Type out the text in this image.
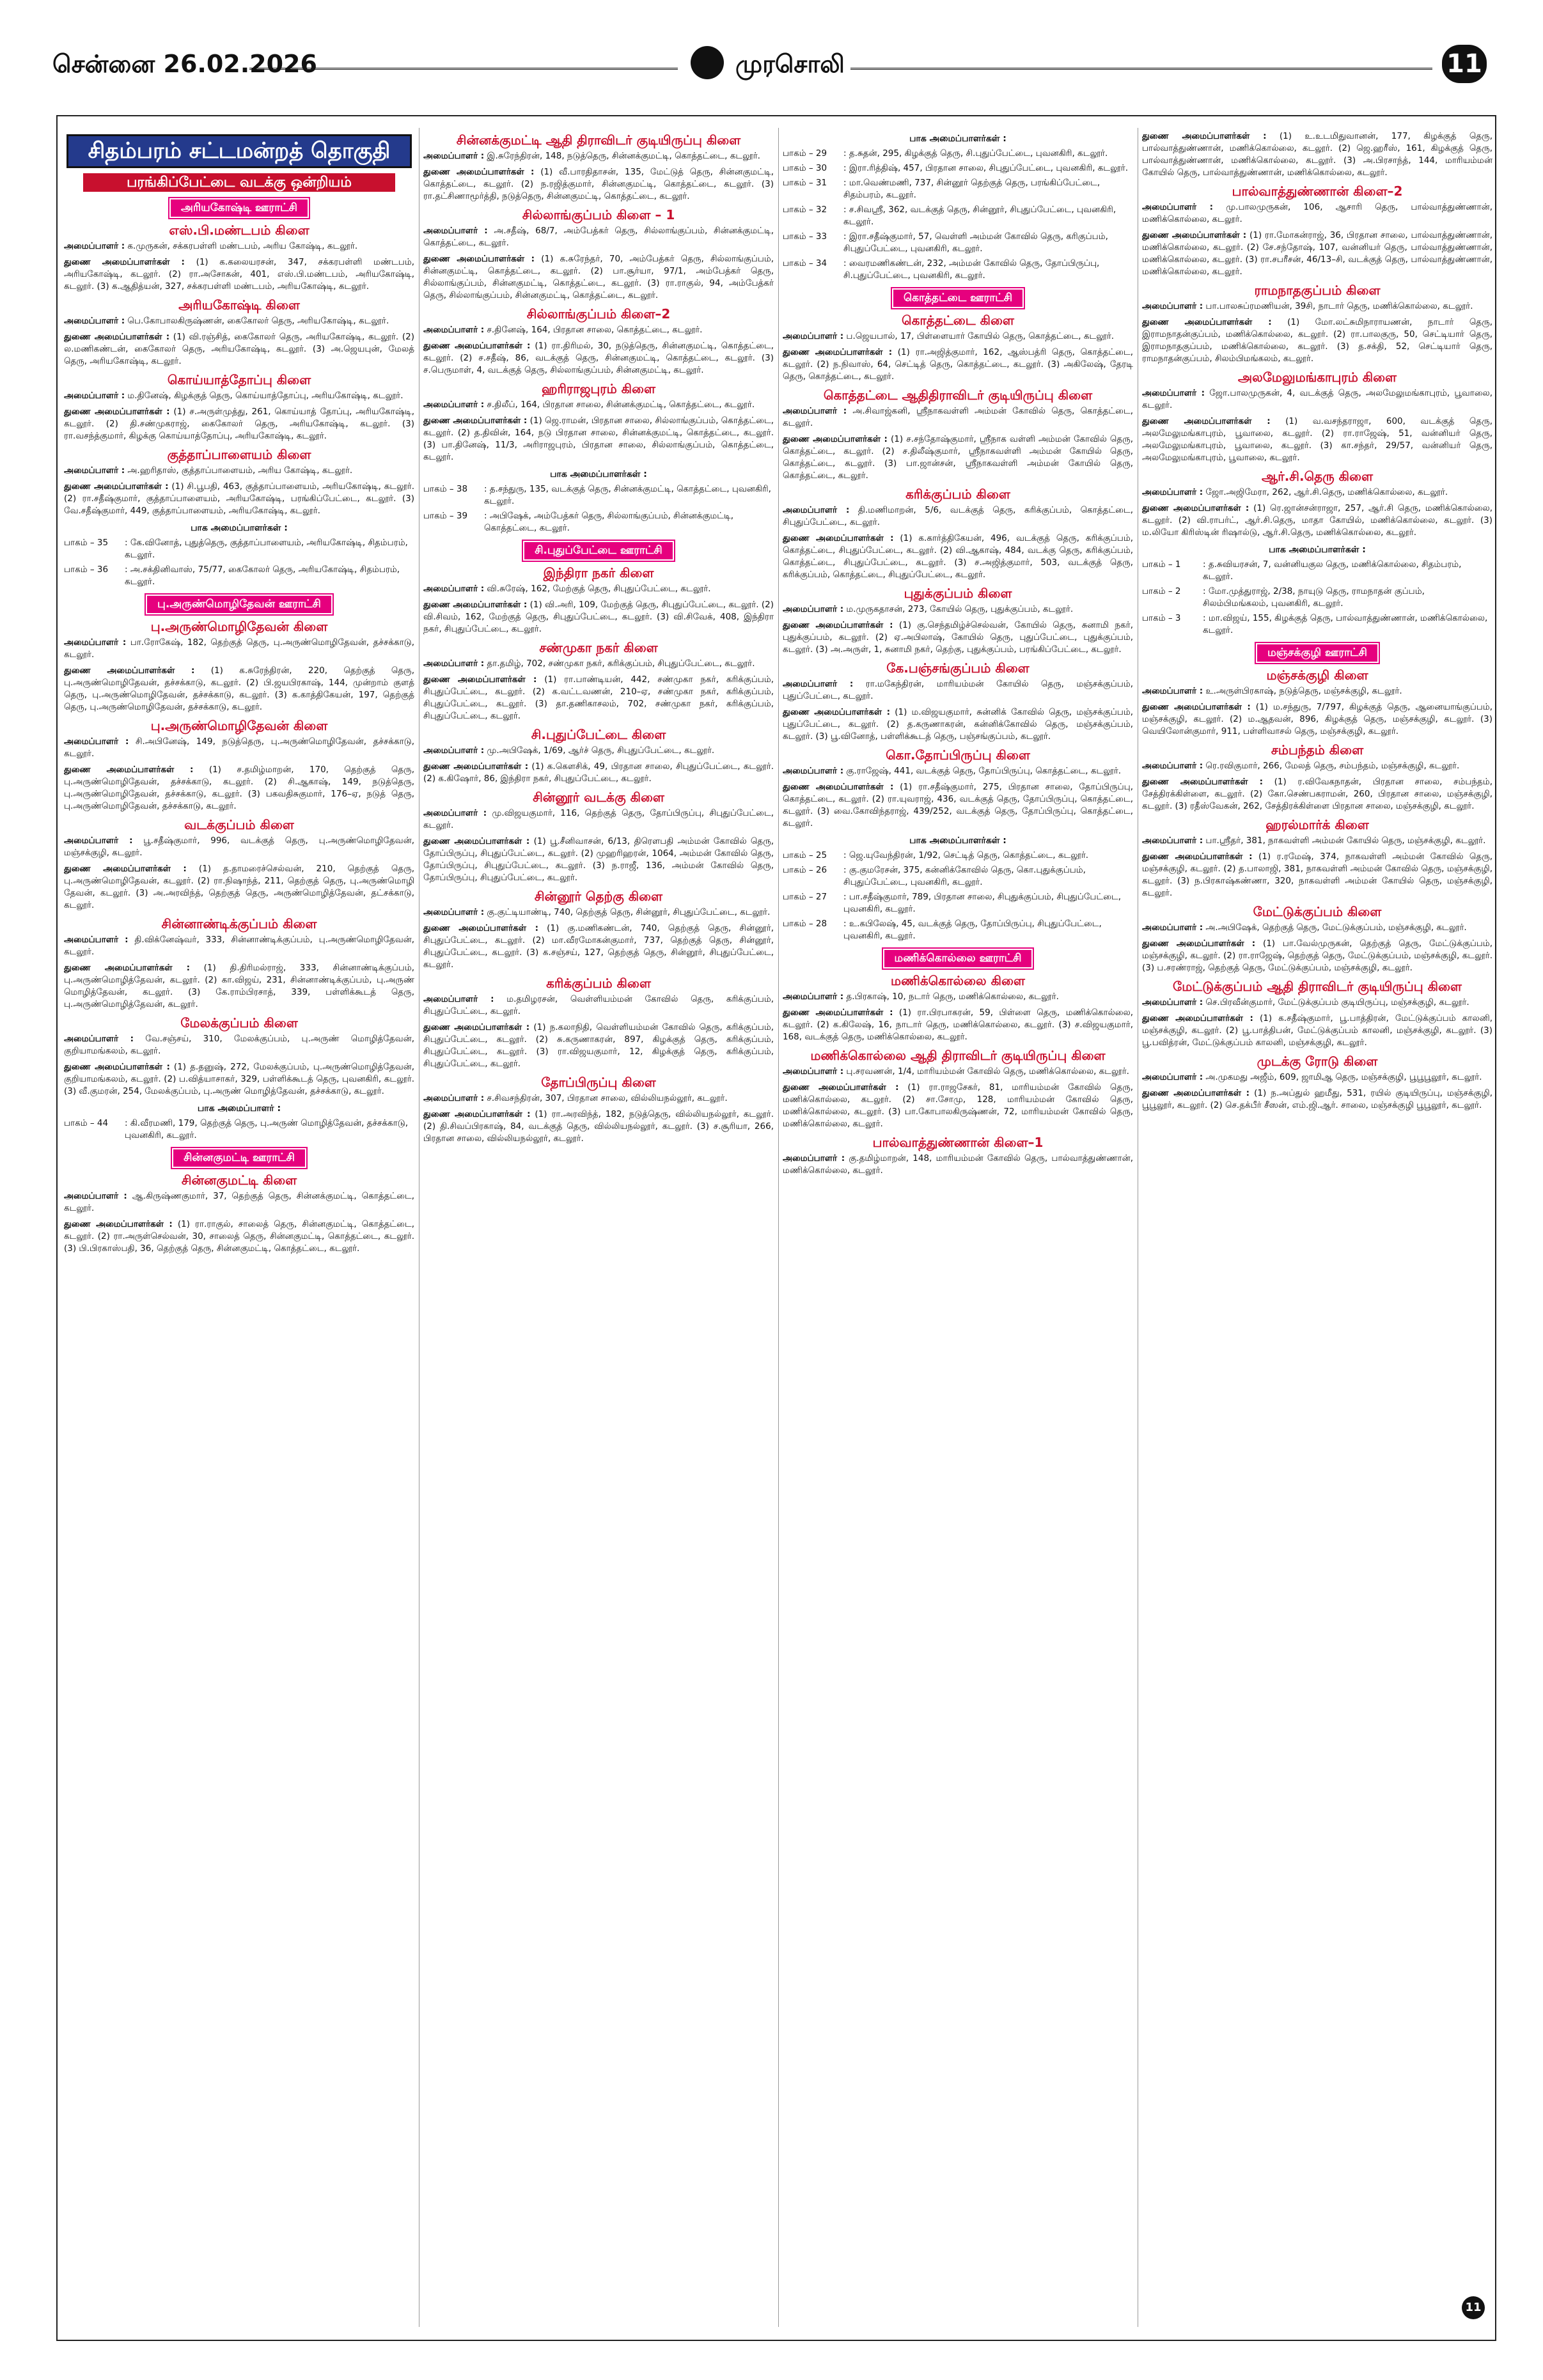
சென்னை 26.02.2026	முரசொலி	11
சிதம்பரம் சட்டமன்றத் தொகுதி
பரங்கிப்பேட்டை வடக்கு ஒன்றியம்
அரியகோஷ்டி ஊராட்சி
எஸ்.பி.மண்டபம் கிளை
அமைப்பாளர் : க.முருகன், சக்கரபள்ளி மண்டபம், அரிய கோஷ்டி, கடலூர்.
துணை அமைப்பாளர்கள் : (1) க.கலையரசன், 347, சக்கரபள்ளி மண்டபம், அரியகோஷ்டி, கடலூர். (2) ரா.அசோகன், 401, எஸ்.பி.மண்டபம், அரியகோஷ்டி, கடலூர். (3) க.ஆதித்யன், 327, சக்கரபள்ளி மண்டபம், அரியகோஷ்டி, கடலூர்.
அரியகோஷ்டி கிளை
அமைப்பாளர் : பெ.கோபாலகிருஷ்ணன், கைகோலர் தெரு, அரியகோஷ்டி, கடலூர்.
துணை அமைப்பாளர்கள் : (1) வி.ரஞ்சித், கைகோலர் தெரு, அரியகோஷ்டி, கடலூர். (2) ல.மணிகண்டன், கைகோலர் தெரு, அரியகோஷ்டி, கடலூர். (3) அ.ஜெயபுன், மேலத் தெரு, அரியகோஷ்டி, கடலூர்.
கொய்யாத்தோப்பு கிளை
அமைப்பாளர் : ம.தினேஷ், கிழக்குத் தெரு, கொய்யாத்தோப்பு, அரியகோஷ்டி, கடலூர்.
துணை அமைப்பாளர்கள் : (1) ச.அருள்முத்து, 261, கொய்யாத் தோப்பு, அரியகோஷ்டி, கடலூர். (2) தி.சண்முகராஜ், கைகோலர் தெரு, அரியகோஷ்டி, கடலூர். (3) ரா.வசந்த்குமார், கிழக்கு கொய்யாத்தோப்பு, அரியகோஷ்டி, கடலூர்.
குத்தாப்பாளையம் கிளை
அமைப்பாளர் : அ.ஹரிதாஸ், குத்தாப்பாளையம், அரிய கோஷ்டி, கடலூர்.
துணை அமைப்பாளர்கள் : (1) சி.பூபதி, 463, குத்தாப்பாளையம், அரியகோஷ்டி, கடலூர். (2) ரா.சதீஷ்குமார், குத்தாப்பாளையம், அரியகோஷ்டி, பரங்கிப்பேட்டை, கடலூர். (3) வே.சதீஷ்குமார், 449, குத்தாப்பாளையம், அரியகோஷ்டி, கடலூர்.
பாக அமைப்பாளர்கள் :
பாகம் – 35	: கே.வினோத், புதுத்தெரு, குத்தாப்பாளையம், அரியகோஷ்டி, சிதம்பரம், கடலூர்.
பாகம் – 36	: அ.சக்தினிவாஸ், 75/77, கைகோலர் தெரு, அரியகோஷ்டி, சிதம்பரம், கடலூர்.
பு.அருண்மொழிதேவன் ஊராட்சி
பு.அருண்மொழிதேவன் கிளை
அமைப்பாளர் : பா.ரோகேஷ், 182, தெற்குத் தெரு, பு.அருண்மொழிதேவன், தச்சக்காடு, கடலூர்.
துணை அமைப்பாளர்கள் : (1) க.சுரேந்திரன், 220, தெற்குத் தெரு, பு.அருண்மொழிதேவன், தச்சக்காடு, கடலூர். (2) பி.ஜயபிரகாஷ், 144, முன்றாம் குளத் தெரு, பு.அருண்மொழிதேவன், தச்சக்காடு, கடலூர். (3) க.காத்திகேயன், 197, தெற்குத் தெரு, பு.அருண்மொழிதேவன், தச்சக்காடு, கடலூர்.
பு.அருண்மொழிதேவன் கிளை
அமைப்பாளர் : சி.அபினேஷ், 149, நடுத்தெரு, பு.அருண்மொழிதேவன், தச்சக்காடு, கடலூர்.
துணை அமைப்பாளர்கள் : (1) ச.தமிழ்மாறன், 170, தெற்குத் தெரு, பு.அருண்மொழிதேவன், தச்சக்காடு, கடலூர். (2) சி.ஆகாஷ், 149, நடுத்தெரு, பு.அருண்மொழிதேவன், தச்சக்காடு, கடலூர். (3) பகவதிசுகுமார், 176–ஏ, நடுத் தெரு, பு.அருண்மொழிதேவன், தச்சக்காடு, கடலூர்.
வடக்குப்பம் கிளை
அமைப்பாளர் : பூ.சதீஷ்குமார், 996, வடக்குத் தெரு, பு.அருண்மொழிதேவன், மஞ்சக்குழி, கடலூர்.
துணை அமைப்பாளர்கள் : (1) த.தாமரைச்செல்வன், 210, தெற்குத் தெரு, பு.அருண்மொழிதேவன், கடலூர். (2) ரா.நிஷாந்த், 211, தெற்குத் தெரு, பு.அருண்மொழி தேவன், கடலூர். (3) அ.அரவிந்த், தெற்குத் தெரு, அருண்மொழித்தேவன், தட்சக்காடு, கடலூர்.
சின்னாண்டிக்குப்பம் கிளை
அமைப்பாளர் : தி.விக்னேஷ்வர், 333, சின்னாண்டிக்குப்பம், பு.அருண்மொழிதேவன், கடலூர்.
துணை அமைப்பாளர்கள் : (1) தி.திரிமல்ராஜ், 333, சின்னாண்டிக்குப்பம், பு.அருண்மொழித்தேவன், கடலூர். (2) கா.விஜய், 231, சின்னாண்டிக்குப்பம், பு.அருண் மொழித்தேவன், கடலூர். (3) கே.ராம்பிரசாத், 339, பள்ளிக்கூடத் தெரு, பு.அருண்மொழித்தேவன், கடலூர்.
மேலக்குப்பம் கிளை
அமைப்பாளர் : வே.சஞ்சய், 310, மேலக்குப்பம், பு.அருண் மொழித்தேவன், குறியாமங்கலம், கடலூர்.
துணை அமைப்பாளர்கள் : (1) த.தனுஷ், 272, மேலக்குப்பம், பு.அருண்மொழித்தேவன், குறியாமங்கலம், கடலூர். (2) ப.வித்யாசாகர், 329, பள்ளிக்கூடத் தெரு, புவனகிரி, கடலூர். (3) வீ.குமரன், 254, மேலக்குப்பம், பு.அருண் மொழித்தேவன், தச்சக்காடு, கடலூர்.
பாக அமைப்பாளர் :
பாகம் – 44	: கி.வீரமணி, 179, தெற்குத் தெரு, பு.அருண் மொழித்தேவன், தச்சக்காடு, புவனகிரி, கடலூர்.
சின்னகுமட்டி ஊராட்சி
சின்னகுமட்டி கிளை
அமைப்பாளர் : ஆ.கிருஷ்ணகுமார், 37, தெற்குத் தெரு, சின்னக்குமட்டி, கொத்தட்டை, கடலூர்.
துணை அமைப்பாளர்கள் : (1) ரா.ராகுல், சாலைத் தெரு, சின்னகுமட்டி, கொத்தட்டை, கடலூர். (2) ரா.அருள்செல்வன், 30, சாலைத் தெரு, சின்னகுமட்டி, கொத்தட்டை, கடலூர். (3) பி.பிரகாஸ்பதி, 36, தெற்குத் தெரு, சின்னகுமட்டி, கொத்தட்டை, கடலூர்.
சின்னக்குமட்டி ஆதி திராவிடர் குடியிருப்பு கிளை
அமைப்பாளர் : இ.சுரேந்திரன், 148, நடுத்தெரு, சின்னக்குமட்டி, கொத்தட்டை, கடலூர்.
துணை அமைப்பாளர்கள் : (1) வீ.பாரதிதாசன், 135, மேட்டுத் தெரு, சின்னகுமட்டி, கொத்தட்டை, கடலூர். (2) ந.ரஜித்குமார், சின்னகுமட்டி, கொத்தட்டை, கடலூர். (3) ரா.தட்சிணாமூர்த்தி, நடுத்தெரு, சின்னகுமட்டி, கொத்தட்டை, கடலூர்.
சில்லாங்குப்பம் கிளை – 1
அமைப்பாளர் : அ.சதீஷ், 68/7, அம்பேத்கர் தெரு, சில்லாங்குப்பம், சின்னக்குமட்டி, கொத்தட்டை, கடலூர்.
துணை அமைப்பாளர்கள் : (1) க.சுரேந்தர், 70, அம்பேத்கர் தெரு, சில்லாங்குப்பம், சின்னகுமட்டி, கொத்தட்டை, கடலூர். (2) பா.சூர்யா, 97/1, அம்பேத்கர் தெரு, சில்லாங்குப்பம், சின்னகுமட்டி, கொத்தட்டை, கடலூர். (3) ரா.ராகுல், 94, அம்பேத்கர் தெரு, சில்லாங்குப்பம், சின்னகுமட்டி, கொத்தட்டை, கடலூர்.
சில்லாங்குப்பம் கிளை–2
அமைப்பாளர் : ச.தினேஷ், 164, பிரதான சாலை, கொத்தட்டை, கடலூர்.
துணை அமைப்பாளர்கள் : (1) ரா.திரிமல், 30, நடுத்தெரு, சின்னகுமட்டி, கொத்தட்டை, கடலூர். (2) ச.சதீஷ், 86, வடக்குத் தெரு, சின்னகுமட்டி, கொத்தட்டை, கடலூர். (3) ச.பெருமாள், 4, வடக்குத் தெரு, சில்லாங்குப்பம், சின்னகுமட்டி, கடலூர்.
ஹரிராஜபுரம் கிளை
அமைப்பாளர் : ச.திலீப், 164, பிரதான சாலை, சின்னக்குமட்டி, கொத்தட்டை, கடலூர்.
துணை அமைப்பாளர்கள் : (1) ஜெ.ராமன், பிரதான சாலை, சில்லாங்குப்பம், கொத்தட்டை, கடலூர். (2) த.திவின், 164, நடு பிரதான சாலை, சின்னக்குமட்டி, கொத்தட்டை, கடலூர். (3) பா.தினேஷ், 11/3, அரிராஜபுரம், பிரதான சாலை, சில்லாங்குப்பம், கொத்தட்டை, கடலூர்.
பாக அமைப்பாளர்கள் :
பாகம் – 38	: த.சந்துரு, 135, வடக்குத் தெரு, சின்னக்குமட்டி, கொத்தட்டை, புவனகிரி, கடலூர்.
பாகம் – 39	: அபிஷேக், அம்பேத்கர் தெரு, சில்லாங்குப்பம், சின்னக்குமட்டி, கொத்தட்டை, கடலூர்.
சி.புதுப்பேட்டை ஊராட்சி
இந்திரா நகர் கிளை
அமைப்பாளர் : வி.சுரேஷ், 162, மேற்குத் தெரு, சிபுதுப்பேட்டை, கடலூர்.
துணை அமைப்பாளர்கள் : (1) வி.அரி, 109, மேற்குத் தெரு, சிபுதுப்பேட்டை, கடலூர். (2) வி.சிவம், 162, மேற்குத் தெரு, சிபுதுப்பேட்டை, கடலூர். (3) வி.சிவேக், 408, இந்திரா நகர், சிபுதுப்பேட்டை, கடலூர்.
சண்முகா நகர் கிளை
அமைப்பாளர் : தா.தமிழ், 702, சண்முகா நகர், கரிக்குப்பம், சிபுதுப்பேட்டை, கடலூர்.
துணை அமைப்பாளர்கள் : (1) ரா.பாண்டியன், 442, சண்முகா நகர், கரிக்குப்பம், சிபுதுப்பேட்டை, கடலூர். (2) க.வட்டவணன், 210–ஏ, சண்முகா நகர், கரிக்குப்பம், சிபுதுப்பேட்டை, கடலூர். (3) தா.தணிகாசலம், 702, சண்முகா நகர், கரிக்குப்பம், சிபுதுப்பேட்டை, கடலூர்.
சி.புதுப்பேட்டை கிளை
அமைப்பாளர் : மு.அபிஷேக், 1/69, ஆர்ச் தெரு, சிபுதுப்பேட்டை, கடலூர்.
துணை அமைப்பாளர்கள் : (1) க.கௌசிக், 49, பிரதான சாலை, சிபுதுப்பேட்டை, கடலூர். (2) க.கிஷோர், 86, இந்திரா நகர், சிபுதுப்பேட்டை, கடலூர்.
சின்னூர் வடக்கு கிளை
அமைப்பாளர் : மு.விஜயகுமார், 116, தெற்குத் தெரு, தோப்பிருப்பு, சிபுதுப்பேட்டை, கடலூர்.
துணை அமைப்பாளர்கள் : (1) பூ.சீனிவாசன், 6/13, திரௌபதி அம்மன் கோவில் தெரு, தோப்பிருப்பு, சிபுதுப்பேட்டை, கடலூர். (2) முஹரிஹரன், 1064, அம்மன் கோவில் தெரு, தோப்பிருப்பு, சிபுதுப்பேட்டை, கடலூர். (3) ந.ராஜீ, 136, அம்மன் கோவில் தெரு, தோப்பிருப்பு, சிபுதுப்பேட்டை, கடலூர்.
சின்னூர் தெற்கு கிளை
அமைப்பாளர் : கு.குட்டியாண்டி, 740, தெற்குத் தெரு, சின்னூர், சிபுதுப்பேட்டை, கடலூர்.
துணை அமைப்பாளர்கள் : (1) கு.மணிகண்டன், 740, தெற்குத் தெரு, சின்னூர், சிபுதுப்பேட்டை, கடலூர். (2) மா.வீரமோகன்குமார், 737, தெற்குத் தெரு, சின்னூர், சிபுதுப்பேட்டை, கடலூர். (3) க.சஞ்சய், 127, தெற்குத் தெரு, சின்னூர், சிபுதுப்பேட்டை, கடலூர்.
கரிக்குப்பம் கிளை
அமைப்பாளர் : ம.தமிழரசன், வெள்ளியம்மன் கோவில் தெரு, கரிக்குப்பம், சிபுதுப்பேட்டை, கடலூர்.
துணை அமைப்பாளர்கள் : (1) ந.கலாநிதி, வெள்ளியம்மன் கோவில் தெரு, கரிக்குப்பம், சிபுதுப்பேட்டை, கடலூர். (2) சு.கருணாகரன், 897, கிழக்குத் தெரு, கரிக்குப்பம், சிபுதுப்பேட்டை, கடலூர். (3) ரா.விஜயகுமார், 12, கிழக்குத் தெரு, கரிக்குப்பம், சிபுதுப்பேட்டை, கடலூர்.
தோப்பிருப்பு கிளை
அமைப்பாளர் : ச.சிவசந்திரன், 307, பிரதான சாலை, வில்லியநல்லூர், கடலூர்.
துணை அமைப்பாளர்கள் : (1) ரா.அரவிந்த், 182, நடுத்தெரு, வில்லியநல்லூர், கடலூர். (2) தி.சிவப்பிரகாஷ், 84, வடக்குத் தெரு, வில்லியநல்லூர், கடலூர். (3) ச.சூரியா, 266, பிரதான சாலை, வில்லியநல்லூர், கடலூர்.
பாக அமைப்பாளர்கள் :
பாகம் – 29	: த.சுதன், 295, கிழக்குத் தெரு, சி.புதுப்பேட்டை, புவனகிரி, கடலூர்.
பாகம் – 30	: இரா.ரித்திஷ், 457, பிரதான சாலை, சிபுதுப்பேட்டை, புவனகிரி, கடலூர்.
பாகம் – 31	: மா.வெண்மணி, 737, சின்னூர் தெற்குத் தெரு, பரங்கிப்பேட்டை, சிதம்பரம், கடலூர்.
பாகம் – 32	: ச.சிவஸ்ரீ, 362, வடக்குத் தெரு, சின்னூர், சிபுதுப்பேட்டை, புவனகிரி, கடலூர்.
பாகம் – 33	: இரா.சதீஷ்குமார், 57, வெள்ளி அம்மன் கோவில் தெரு, கரிகுப்பம், சிபுதுப்பேட்டை, புவனகிரி, கடலூர்.
பாகம் – 34	: வைரமணிகண்டன், 232, அம்மன் கோவில் தெரு, தோப்பிருப்பு, சி.புதுப்பேட்டை, புவனகிரி, கடலூர்.
கொத்தட்டை ஊராட்சி
கொத்தட்டை கிளை
அமைப்பாளர் : ப.ஜெயபால், 17, பிள்ளையார் கோயில் தெரு, கொத்தட்டை, கடலூர்.
துணை அமைப்பாளர்கள் : (1) ரா.அஜித்குமார், 162, ஆஸ்பத்ரி தெரு, கொத்தட்டை, கடலூர். (2) ந.நிவாஸ், 64, செட்டித் தெரு, கொத்தட்டை, கடலூர். (3) அகிலேஷ், தேரடி தெரு, கொத்தட்டை, கடலூர்.
கொத்தட்டை ஆதிதிராவிடர் குடியிருப்பு கிளை
அமைப்பாளர் : அ.சிவாஜ்கனி, ஸ்ரீநாகவள்ளி அம்மன் கோவில் தெரு, கொத்தட்டை, கடலூர்.
துணை அமைப்பாளர்கள் : (1) ச.சந்தோஷ்குமார், ஸ்ரீநாக வள்ளி அம்மன் கோவில் தெரு, கொத்தட்டை, கடலூர். (2) ச.திலீஷ்குமார், ஸ்ரீநாகவள்ளி அம்மன் கோயில் தெரு, கொத்தட்டை, கடலூர். (3) பா.ஜான்சன், ஸ்ரீநாகவள்ளி அம்மன் கோயில் தெரு, கொத்தட்டை, கடலூர்.
கரிக்குப்பம் கிளை
அமைப்பாளர் : தி.மணிமாறன், 5/6, வடக்குத் தெரு, கரிக்குப்பம், கொத்தட்டை, சிபுதுப்பேட்டை, கடலூர்.
துணை அமைப்பாளர்கள் : (1) க.கார்த்திகேயன், 496, வடக்குத் தெரு, கரிக்குப்பம், கொத்தட்டை, சிபுதுப்பேட்டை, கடலூர். (2) வி.ஆகாஷ், 484, வடக்கு தெரு, கரிக்குப்பம், கொத்தட்டை, சிபுதுப்பேட்டை, கடலூர். (3) ச.அஜித்குமார், 503, வடக்குத் தெரு, கரிக்குப்பம், கொத்தட்டை, சிபுதுப்பேட்டை, கடலூர்.
புதுக்குப்பம் கிளை
அமைப்பாளர் : ம.முருகதாசன், 273, கோயில் தெரு, புதுக்குப்பம், கடலூர்.
துணை அமைப்பாளர்கள் : (1) கு.செந்தமிழ்ச்செல்வன், கோயில் தெரு, சுனாமி நகர், புதுக்குப்பம், கடலூர். (2) ஏ.அபிலாஷ், கோயில் தெரு, புதுப்பேட்டை, புதுக்குப்பம், கடலூர். (3) அ.அருள், 1, சுனாமி நகர், தெற்கு, புதுக்குப்பம், பரங்கிப்பேட்டை, கடலூர்.
கே.பஞ்சங்குப்பம் கிளை
அமைப்பாளர் : ரா.மகேந்திரன், மாரியம்மன் கோயில் தெரு, மஞ்சக்குப்பம், புதுப்பேட்டை, கடலூர்.
துணை அமைப்பாளர்கள் : (1) ம.விஜயகுமார், சுன்னிக் கோவில் தெரு, மஞ்சக்குப்பம், புதுப்பேட்டை, கடலூர். (2) த.கருணாகரன், கன்னிக்கோவில் தெரு, மஞ்சக்குப்பம், கடலூர். (3) பூ.வினோத், பள்ளிக்கூடத் தெரு, பஞ்சங்குப்பம், கடலூர்.
கொ.தோப்பிருப்பு கிளை
அமைப்பாளர் : கு.ராஜேஷ், 441, வடக்குத் தெரு, தோப்பிருப்பு, கொத்தட்டை, கடலூர்.
துணை அமைப்பாளர்கள் : (1) ரா.சதீஷ்குமார், 275, பிரதான சாலை, தோப்பிருப்பு, கொத்தட்டை, கடலூர். (2) ரா.யுவராஜ், 436, வடக்குத் தெரு, தோப்பிருப்பு, கொத்தட்டை, கடலூர். (3) வை.கோவிந்தராஜ், 439/252, வடக்குத் தெரு, தோப்பிருப்பு, கொத்தட்டை, கடலூர்.
பாக அமைப்பாளர்கள் :
பாகம் – 25	: ஜெ.யுவேந்திரன், 1/92, செட்டித் தெரு, கொத்தட்டை, கடலூர்.
பாகம் – 26	: கு.குமரேசன், 375, கன்னிக்கோவில் தெரு, கொ.புதுக்குப்பம், சிபுதுப்பேட்டை, புவனகிரி, கடலூர்.
பாகம் – 27	: பா.சதீஷ்குமார், 789, பிரதான சாலை, சிபுதுக்குப்பம், சிபுதுப்பேட்டை, புவனகிரி, கடலூர்.
பாகம் – 28	: உ.கபிலேஷ், 45, வடக்குத் தெரு, தோப்பிருப்பு, சிபுதுப்பேட்டை, புவனகிரி, கடலூர்.
மணிக்கொல்லை ஊராட்சி
மணிக்கொல்லை கிளை
அமைப்பாளர் : த.பிரகாஷ், 10, நடார் தெரு, மணிக்கொல்லை, கடலூர்.
துணை அமைப்பாளர்கள் : (1) ரா.பிரபாகரன், 59, பிள்ளை தெரு, மணிக்கொல்லை, கடலூர். (2) க.கிலேஷ், 16, நாடார் தெரு, மணிக்கொல்லை, கடலூர். (3) ச.விஜயகுமார், 168, வடக்குத் தெரு, மணிக்கொல்லை, கடலூர்.
மணிக்கொல்லை ஆதி திராவிடர் குடியிருப்பு கிளை
அமைப்பாளர் : பு.சரவணன், 1/4, மாரியம்மன் கோவில் தெரு, மணிக்கொல்லை, கடலூர்.
துணை அமைப்பாளர்கள் : (1) ரா.ராஜசேகர், 81, மாரியம்மன் கோவில் தெரு, மணிக்கொல்லை, கடலூர். (2) சா.சோமு, 128, மாரியம்மன் கோவில் தெரு, மணிக்கொல்லை, கடலூர். (3) பா.கோபாலகிருஷ்ணன், 72, மாரியம்மன் கோவில் தெரு, மணிக்கொல்லை, கடலூர்.
பால்வாத்துண்ணான் கிளை–1
அமைப்பாளர் : கு.தமிழ்மாறன், 148, மாரியம்மன் கோவில் தெரு, பால்வாத்துண்ணான், மணிக்கொல்லை, கடலூர்.
துணை அமைப்பாளர்கள் : (1) உ.உடமிதுவானன், 177, கிழக்குத் தெரு, பால்வாத்துண்ணான், மணிக்கொல்லை, கடலூர். (2) ஜெ.ஹரீஸ், 161, கிழக்குத் தெரு, பால்வாத்துண்ணான், மணிக்கொல்லை, கடலூர். (3) அ.பிரசாந்த், 144, மாரியம்மன் கோயில் தெரு, பால்வாத்துண்ணான், மணிக்கொல்லை, கடலூர்.
பால்வாத்துண்ணான் கிளை–2
அமைப்பாளர் : மு.பாலமுருகன், 106, ஆசாரி தெரு, பால்வாத்துண்ணான், மணிக்கொல்லை, கடலூர்.
துணை அமைப்பாளர்கள் : (1) ரா.மோகன்ராஜ், 36, பிரதான சாலை, பால்வாத்துண்ணான், மணிக்கொல்லை, கடலூர். (2) சே.சந்தோஷ், 107, வன்னியர் தெரு, பால்வாத்துண்ணான், மணிக்கொல்லை, கடலூர். (3) ரா.சபரீசன், 46/13–சி, வடக்குத் தெரு, பால்வாத்துண்ணான், மணிக்கொல்லை, கடலூர்.
ராமநாதகுப்பம் கிளை
அமைப்பாளர் : பா.பாலசுப்ரமணியன், 39சி, நாடார் தெரு, மணிக்கொல்லை, கடலூர்.
துணை அமைப்பாளர்கள் : (1) மோ.லட்சுமிநாராயணன், நாடார் தெரு, இராமநாதன்குப்பம், மணிக்கொல்லை, கடலூர். (2) ரா.பாலகுரு, 50, செட்டியார் தெரு, இராமநாதகுப்பம், மணிக்கொல்லை, கடலூர். (3) த.சக்தி, 52, செட்டியார் தெரு, ராமநாதன்குப்பம், சிலம்பிமங்கலம், கடலூர்.
அலமேலுமங்காபுரம் கிளை
அமைப்பாளர் : ஜோ.பாலமுருகன், 4, வடக்குத் தெரு, அலமேலுமங்காபுரம், பூவாலை, கடலூர்.
துணை அமைப்பாளர்கள் : (1) வ.வசந்தராஜா, 600, வடக்குத் தெரு, அலமேலுமங்காபுரம், பூவாலை, கடலூர். (2) ரா.ராஜேஷ், 51, வன்னியர் தெரு, அலமேலுமங்காபுரம், பூவாலை, கடலூர். (3) கா.சந்தர், 29/57, வன்னியர் தெரு, அலமேலுமங்காபுரம், பூவாலை, கடலூர்.
ஆர்.சி.தெரு கிளை
அமைப்பாளர் : ஜோ.அஜிமேரா, 262, ஆர்.சி.தெரு, மணிக்கொல்லை, கடலூர்.
துணை அமைப்பாளர்கள் : (1) ரெ.ஜான்சன்ராஜா, 257, ஆர்.சி தெரு, மணிக்கொல்லை, கடலூர். (2) வி.ராபர்ட், ஆர்.சி.தெரு, மாதா கோயில், மணிக்கொல்லை, கடலூர். (3) ம.லியோ கிரிஸ்டின் ரிஷால்டு, ஆர்.சி.தெரு, மணிக்கொல்லை, கடலூர்.
பாக அமைப்பாளர்கள் :
பாகம் – 1	: த.சுவியரசன், 7, வன்னியகுல தெரு, மணிக்கொல்லை, சிதம்பரம், கடலூர்.
பாகம் – 2	: மோ.முத்துராஜ், 2/38, நாயுடு தெரு, ராமநாதன் குப்பம், சிலம்பிமங்கலம், புவனகிரி, கடலூர்.
பாகம் – 3	: மா.விஜய், 155, கிழக்குத் தெரு, பால்வாத்துண்ணான், மணிக்கொல்லை, கடலூர்.
மஞ்சக்குழி ஊராட்சி
மஞ்சக்குழி கிளை
அமைப்பாளர் : உ.அருள்பிரகாஷ், நடுத்தெரு, மஞ்சக்குழி, கடலூர்.
துணை அமைப்பாளர்கள் : (1) ம.சந்துரு, 7/797, கிழக்குத் தெரு, ஆனையாங்குப்பம், மஞ்சக்குழி, கடலூர். (2) ம.ஆதவன், 896, கிழக்குத் தெரு, மஞ்சக்குழி, கடலூர். (3) வெயிலோன்குமார், 911, பள்ளிவாசல் தெரு, மஞ்சக்குழி, கடலூர்.
சம்பந்தம் கிளை
அமைப்பாளர் : ரெ.ரவிகுமார், 266, மேலத் தெரு, சம்பந்தம், மஞ்சக்குழி, கடலூர்.
துணை அமைப்பாளர்கள் : (1) ர.விவேகநாதன், பிரதான சாலை, சம்பந்தம், சேத்திரக்கிள்ளை, கடலூர். (2) கோ.செண்பகராமன், 260, பிரதான சாலை, மஞ்சக்குழி, கடலூர். (3) ரதீஸ்வேகன், 262, சேத்திரக்கிள்ளை பிரதான சாலை, மஞ்சக்குழி, கடலூர்.
ஹரல்மார்க் கிளை
அமைப்பாளர் : பா.ஸ்ரீதர், 381, நாகவள்ளி அம்மன் கோயில் தெரு, மஞ்சக்குழி, கடலூர்.
துணை அமைப்பாளர்கள் : (1) ர.ரமேஷ், 374, நாகவள்ளி அம்மன் கோவில் தெரு, மஞ்சக்குழி, கடலூர். (2) த.பாலாஜி, 381, நாகவள்ளி அம்மன் கோவில் தெரு, மஞ்சக்குழி, கடலூர். (3) ந.பிரகாஷ்கண்ணா, 320, நாகவள்ளி அம்மன் கோயில் தெரு, மஞ்சக்குழி, கடலூர்.
மேட்டுக்குப்பம் கிளை
அமைப்பாளர் : அ.அபிஷேக், தெற்குத் தெரு, மேட்டுக்குப்பம், மஞ்சக்குழி, கடலூர்.
துணை அமைப்பாளர்கள் : (1) பா.வேல்முருகன், தெற்குத் தெரு, மேட்டுக்குப்பம், மஞ்சக்குழி, கடலூர். (2) ரா.ராஜேஷ், தெற்குத் தெரு, மேட்டுக்குப்பம், மஞ்சக்குழி, கடலூர். (3) ப.சரண்ராஜ், தெற்குத் தெரு, மேட்டுக்குப்பம், மஞ்சக்குழி, கடலூர்.
மேட்டுக்குப்பம் ஆதி திராவிடர் குடியிருப்பு கிளை
அமைப்பாளர் : செ.பிரவீன்குமார், மேட்டுக்குப்பம் குடியிருப்பு, மஞ்சக்குழி, கடலூர்.
துணை அமைப்பாளர்கள் : (1) க.சதீஷ்குமார், பூ.பாத்திரன், மேட்டுக்குப்பம் காலனி, மஞ்சக்குழி, கடலூர். (2) பூ.பாத்திபன், மேட்டுக்குப்பம் காலனி, மஞ்சக்குழி, கடலூர். (3) பூ.பவித்ரன், மேட்டுக்குப்பம் காலனி, மஞ்சக்குழி, கடலூர்.
முடக்கு ரோடு கிளை
அமைப்பாளர் : அ.முகமது அஜீம், 609, ஜாமிஆ தெரு, மஞ்சக்குழி, பூபூபூலூர், கடலூர்.
துணை அமைப்பாளர்கள் : (1) ந.அப்துல் ஹமீது, 531, ரயில் குடியிருப்பு, மஞ்சக்குழி, பூபூலூர், கடலூர். (2) செ.தக்பீர் சீஸன், எம்.ஜி.ஆர். சாலை, மஞ்சக்குழி பூபூலூர், கடலூர்.
11
